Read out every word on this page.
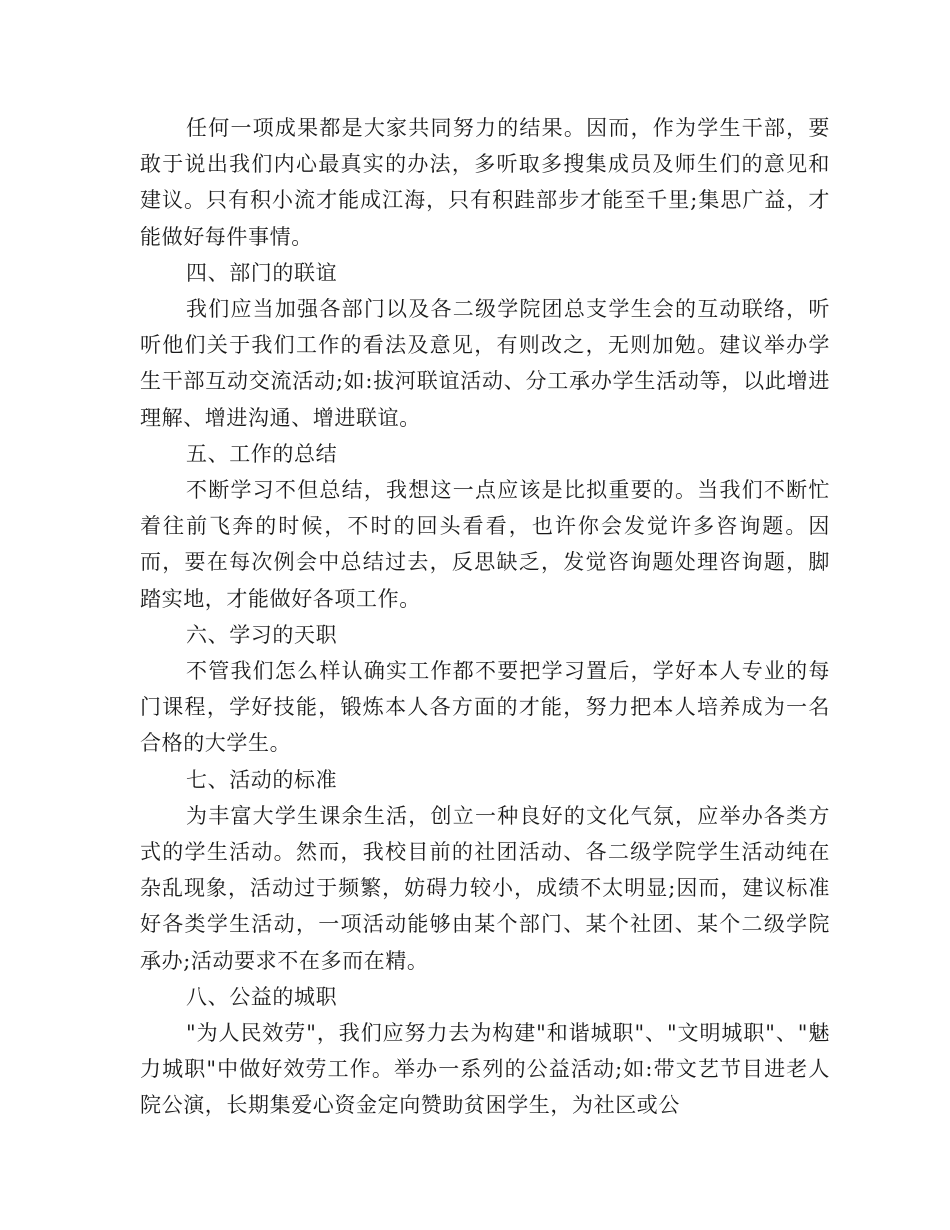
任何一项成果都是大家共同努力的结果。因而，作为学生干部，要敢于说出我们内心最真实的办法，多听取多搜集成员及师生们的意见和建议。只有积小流才能成江海，只有积跬部步才能至千里;集思广益，才能做好每件事情。

四、部门的联谊

我们应当加强各部门以及各二级学院团总支学生会的互动联络，听听他们关于我们工作的看法及意见，有则改之，无则加勉。建议举办学生干部互动交流活动;如:拔河联谊活动、分工承办学生活动等，以此增进理解、增进沟通、增进联谊。

五、工作的总结

不断学习不但总结，我想这一点应该是比拟重要的。当我们不断忙着往前飞奔的时候，不时的回头看看，也许你会发觉许多咨询题。因而，要在每次例会中总结过去，反思缺乏，发觉咨询题处理咨询题，脚踏实地，才能做好各项工作。

六、学习的天职

不管我们怎么样认确实工作都不要把学习置后，学好本人专业的每门课程，学好技能，锻炼本人各方面的才能，努力把本人培养成为一名合格的大学生。

七、活动的标准

为丰富大学生课余生活，创立一种良好的文化气氛，应举办各类方式的学生活动。然而，我校目前的社团活动、各二级学院学生活动纯在杂乱现象，活动过于频繁，妨碍力较小，成绩不太明显;因而，建议标准好各类学生活动，一项活动能够由某个部门、某个社团、某个二级学院承办;活动要求不在多而在精。

八、公益的城职

"为人民效劳"，我们应努力去为构建"和谐城职"、"文明城职"、"魅力城职"中做好效劳工作。举办一系列的公益活动;如:带文艺节目进老人院公演，长期集爱心资金定向赞助贫困学生，为社区或公
